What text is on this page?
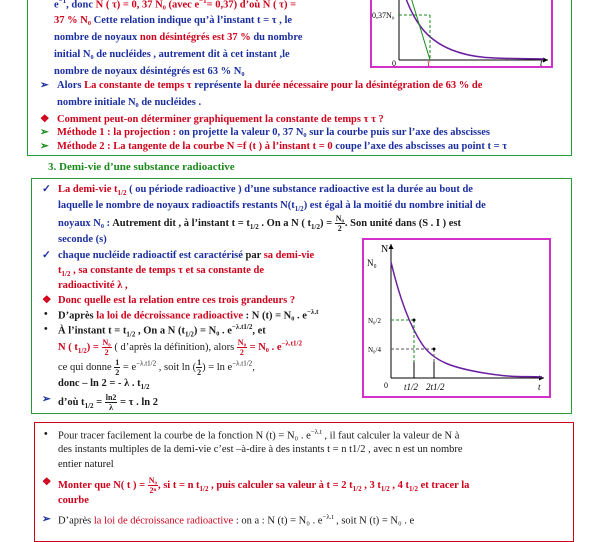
$e^{-1}$, donc N ( τ) = 0, 37 N₀ (avec $e^{-1}= 0,37$) d’où N ( τ) =
37 % N₀ Cette relation indique qu’à l’instant t = τ , le
nombre de noyaux non désintégrés est 37 % du nombre
initial N₀ de nucléides , autrement dit à cet instant ,le
nombre de noyaux désintégrés est 63 % N₀
➢ Alors La constante de temps τ représente la durée nécessaire pour la désintégration de 63 % de
nombre initiale N₀ de nucléides .
❖ Comment peut-on déterminer graphiquement la constante de temps τ τ ?
➢ Méthode 1 : la projection : on projette la valeur 0, 37 N₀ sur la courbe puis sur l’axe des abscisses
➢ Méthode 2 : La tangente de la courbe N =f (t ) à l’instant t = 0 coupe l’axe des abscisses au point t = τ
0,37N₀
0	τ	t
3. Demi-vie d’une substance radioactive
✓ La demi-vie $t_{1/2}$ ( ou période radioactive ) d’une substance radioactive est la durée au bout de
laquelle le nombre de noyaux radioactifs restants $N(t_{1/2})$ est égal à la moitié du nombre initial de
noyaux N₀ : Autrement dit , à l’instant $t = t_{1/2}$ . On a N ( $t_{1/2}) = \frac{\text{N₀}}{2}$ . Son unité dans (S . I ) est
seconde (s)
✓ chaque nucléide radioactif est caractérisé par sa demi-vie
$t_{1/2}$ , sa constante de temps τ et sa constante de
radioactivité λ ,
❖ Donc quelle est la relation entre ces trois grandeurs ?
• D’après la loi de décroissance radioactive : N (t) = N₀ . $e^{-\lambda.t}$
• À l’instant $t = t_{1/2}$ , On a N $(t_{1/2}) = N_0$ . $e^{-\lambda.t1/2}$, et
N ( $t_{1/2}) = \frac{\text{N₀}}{2}$ ( d’après la définition), alors $\frac{\text{N₀}}{2} = N_0$ . $e^{-\lambda.t1/2}$
ce qui donne $\frac{1}{2} = e^{-\lambda.t1/2}$ , soit ln ( $\frac{1}{2}$ ) = $\ln e^{-\lambda.t1/2}$,
donc – ln 2 = - λ . $t_{1/2}$
➢ d’où $t_{1/2} = \frac{\ln 2}{\lambda} = \tau$ . ln 2
N
N₀
N₀/2
N₀/4
0 t1/2 2t1/2	t
• Pour tracer facilement la courbe de la fonction N (t) = N₀ . $e^{-\lambda.t}$ , il faut calculer la valeur de N à
des instants multiples de la demi-vie c’est –à-dire à des instants t = n t1/2 , avec n est un nombre
entier naturel
❖ Monter que N( t ) = $\frac{\text{N₀}}{\text{2ⁿ}}$ , si t = n $t_{1/2}$ , puis calculer sa valeur à t = 2 $t_{1/2}$ , 3 $t_{1/2}$ , 4 $t_{1/2}$ et tracer la
courbe
➢ D’après la loi de décroissance radioactive : on a : N (t) = N₀ . $e^{-\lambda.t}$ , soit N (t) = N₀ . e
